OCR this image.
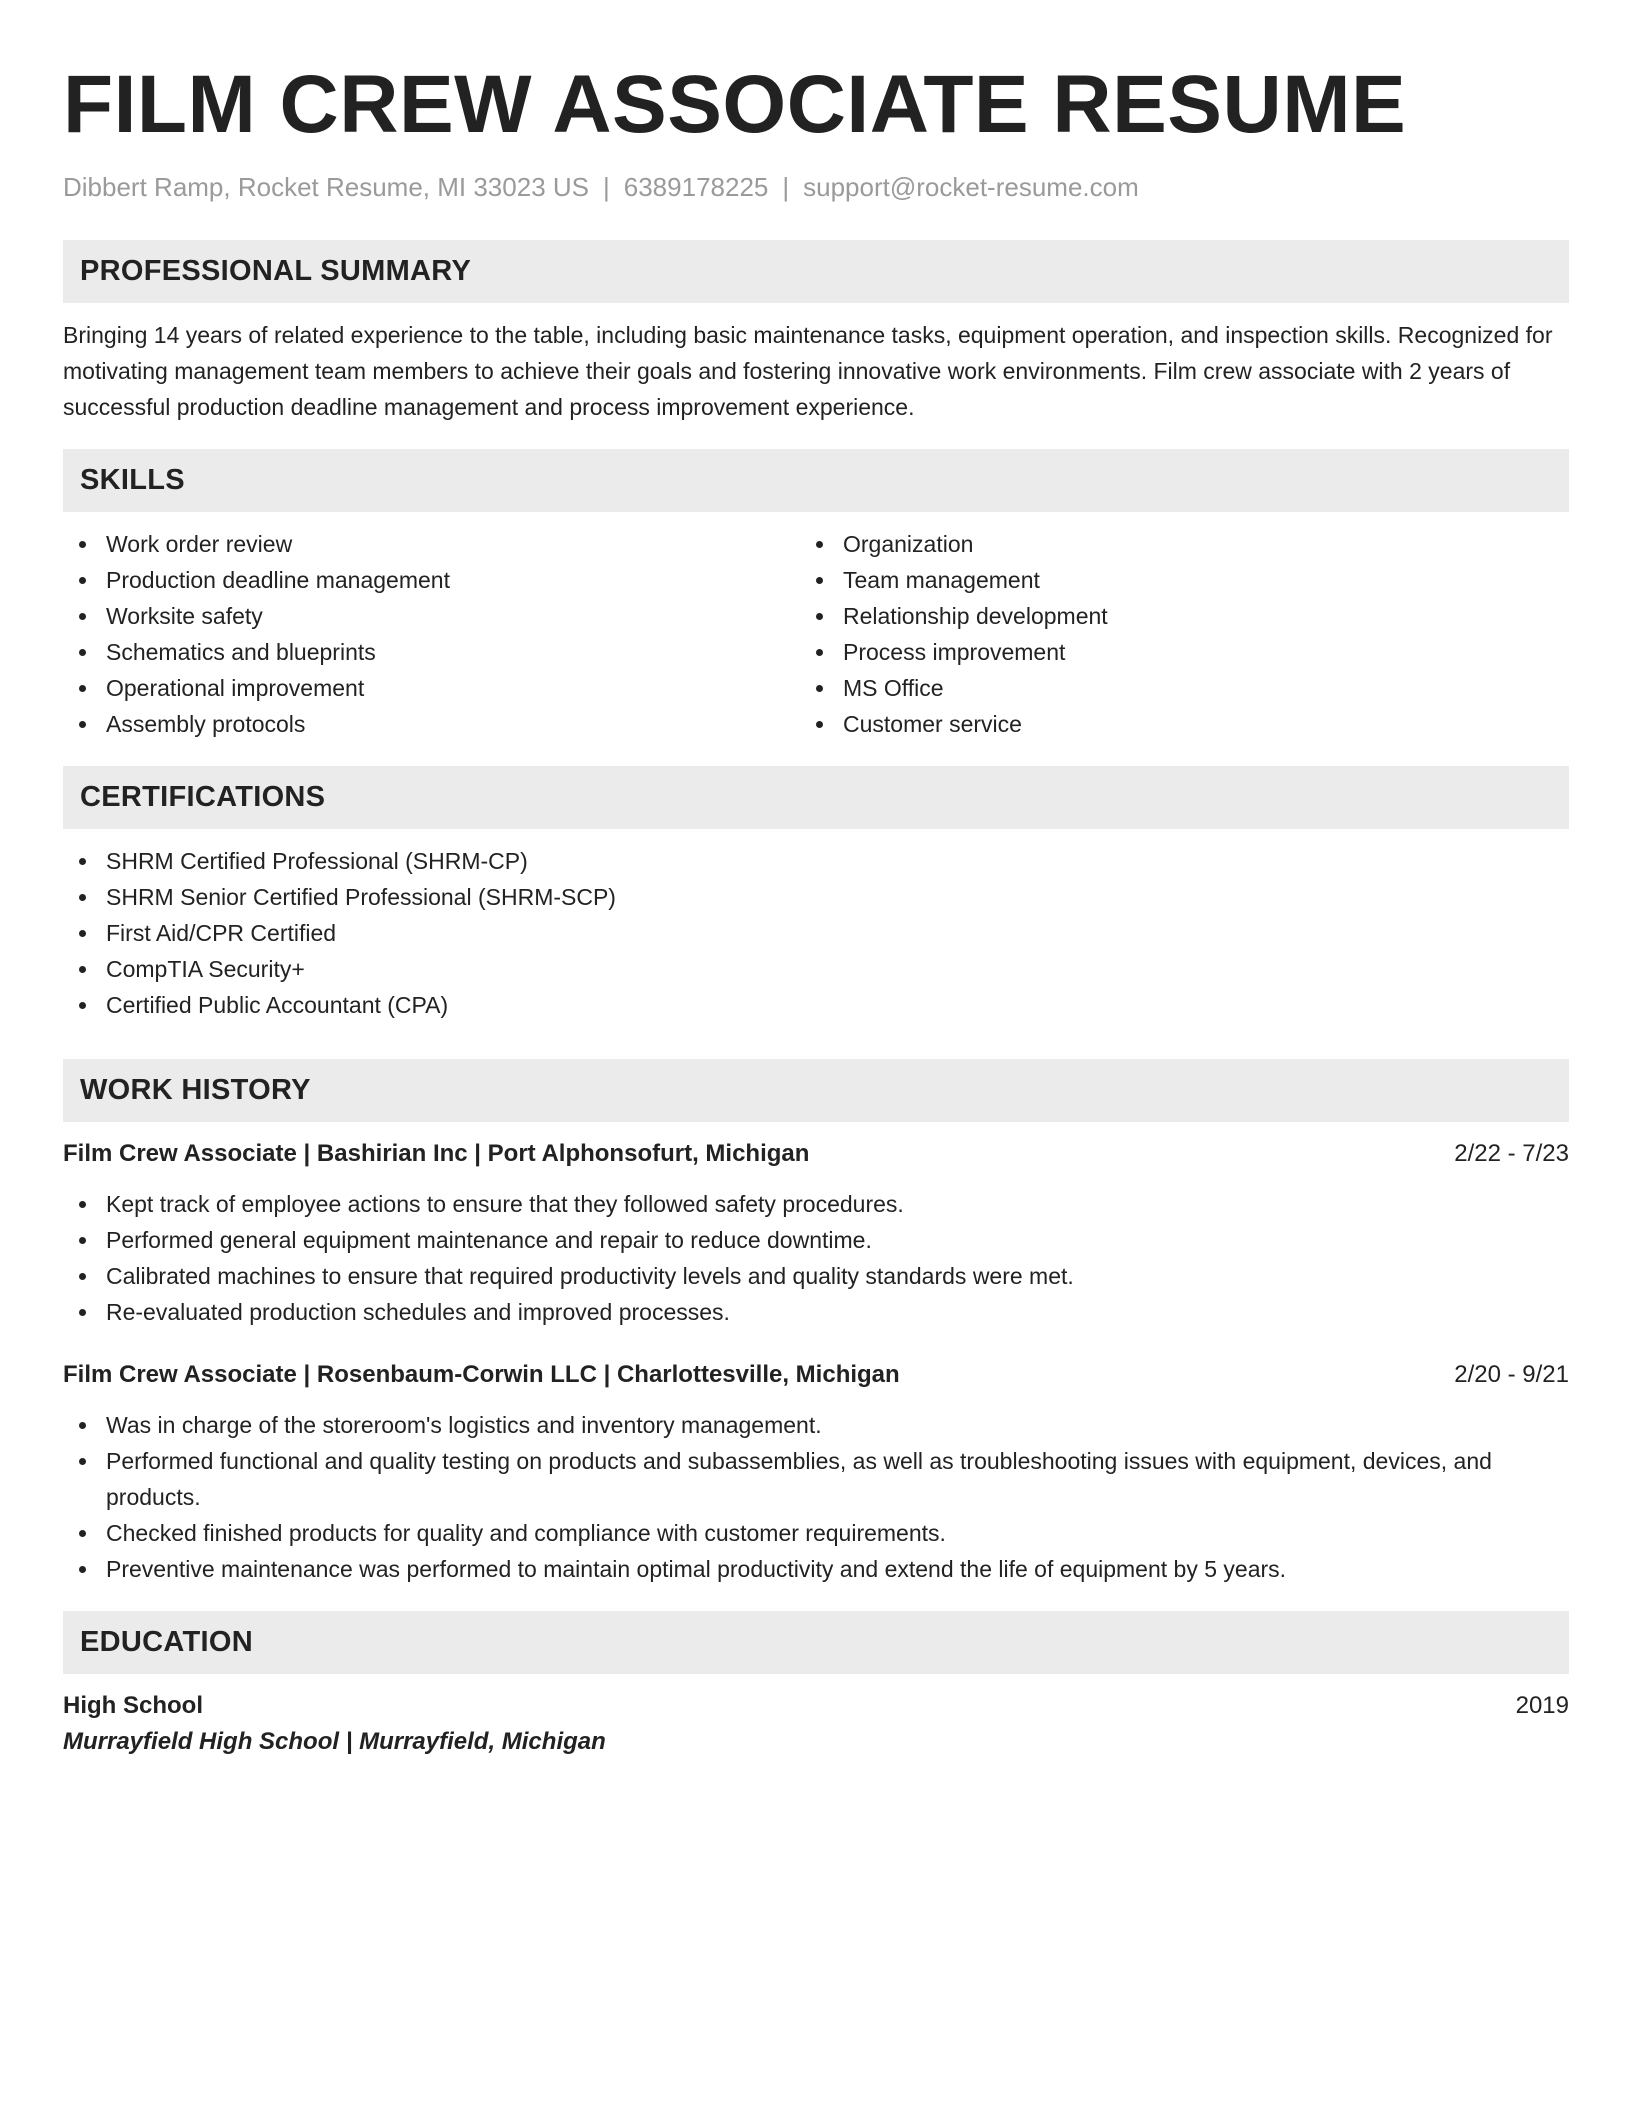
FILM CREW ASSOCIATE RESUME
Dibbert Ramp, Rocket Resume, MI 33023 US | 6389178225 | support@rocket-resume.com
PROFESSIONAL SUMMARY

Bringing 14 years of related experience to the table, including basic maintenance tasks, equipment operation, and inspection skills. Recognized for motivating management team members to achieve their goals and fostering innovative work environments. Film crew associate with 2 years of successful production deadline management and process improvement experience.

SKILLS
Work order review
Production deadline management
Worksite safety
Schematics and blueprints
Operational improvement
Assembly protocols
Organization
Team management
Relationship development
Process improvement
MS Office
Customer service
CERTIFICATIONS
SHRM Certified Professional (SHRM-CP)
SHRM Senior Certified Professional (SHRM-SCP)
First Aid/CPR Certified
CompTIA Security+
Certified Public Accountant (CPA)
WORK HISTORY
Film Crew Associate | Bashirian Inc | Port Alphonsofurt, Michigan	2/22 - 7/23
Kept track of employee actions to ensure that they followed safety procedures.
Performed general equipment maintenance and repair to reduce downtime.
Calibrated machines to ensure that required productivity levels and quality standards were met.
Re-evaluated production schedules and improved processes.
Film Crew Associate | Rosenbaum-Corwin LLC | Charlottesville, Michigan	2/20 - 9/21
Was in charge of the storeroom's logistics and inventory management.
Performed functional and quality testing on products and subassemblies, as well as troubleshooting issues with equipment, devices, and products.
Checked finished products for quality and compliance with customer requirements.
Preventive maintenance was performed to maintain optimal productivity and extend the life of equipment by 5 years.
EDUCATION
High School	2019
Murrayfield High School | Murrayfield, Michigan
